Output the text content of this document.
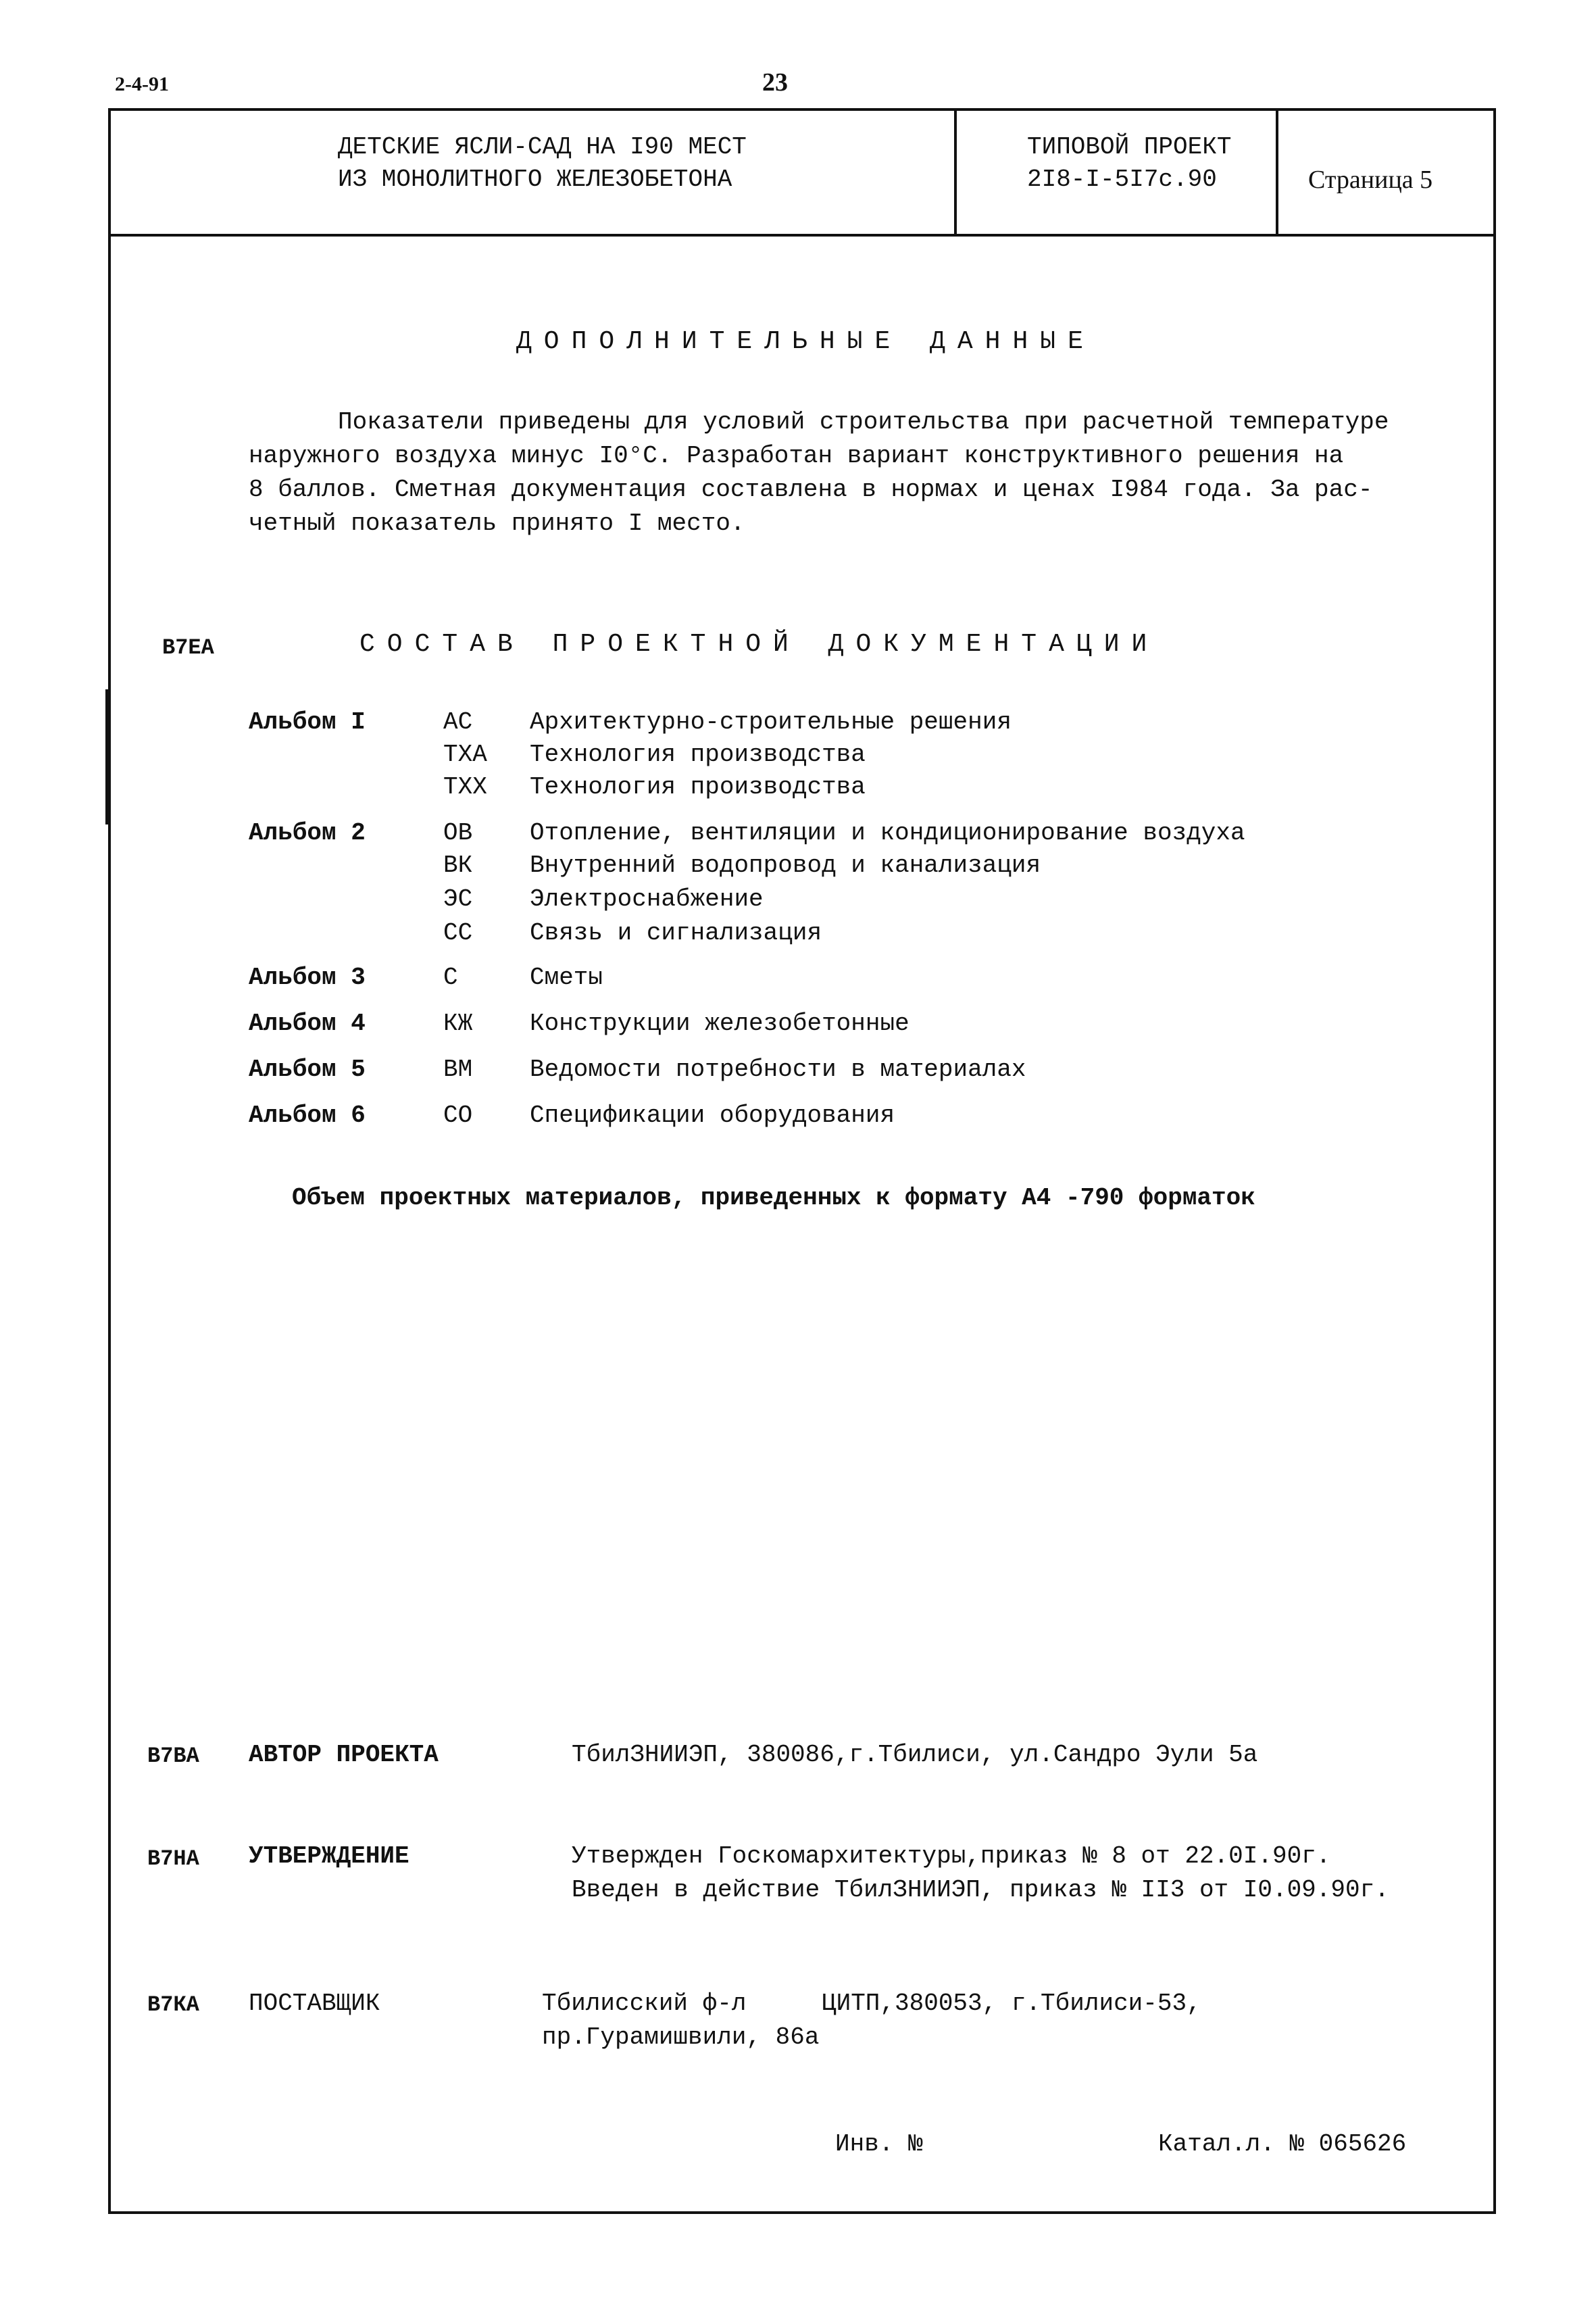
2-4-91	23
ДЕТСКИЕ ЯСЛИ-САД НА I90 МЕСТ
ИЗ МОНОЛИТНОГО ЖЕЛЕЗОБЕТОНА
ТИПОВОЙ ПРОЕКТ
2I8-I-5I7с.90	Страница 5
ДОПОЛНИТЕЛЬНЫЕ ДАННЫЕ
Показатели приведены для условий строительства при расчетной температуре
наружного воздуха минус I0°С. Разработан вариант конструктивного решения на
8 баллов. Сметная документация составлена в нормах и ценах I984 года. За рас-
четный показатель принято I место.
В7ЕА	СОСТАВ ПРОЕКТНОЙ ДОКУМЕНТАЦИИ
Альбом I	АС Архитектурно-строительные решения
ТХА Технология производства
ТХХ Технология производства
Альбом 2	ОВ Отопление, вентиляции и кондиционирование воздуха
ВК Внутренний водопровод и канализация
ЭС Электроснабжение
СС Связь и сигнализация
Альбом 3	С	Сметы
Альбом 4	КЖ Конструкции железобетонные
Альбом 5	ВМ Ведомости потребности в материалах
Альбом 6	СО Спецификации оборудования
Объем проектных материалов, приведенных к формату А4 -790 форматок
В7ВА АВТОР ПРОЕКТА	ТбилЗНИИЭП, 380086,г.Тбилиси, ул.Сандро Эули 5а
В7НА УТВЕРЖДЕНИЕ	Утвержден Госкомархитектуры,приказ № 8 от 22.0I.90г.
Введен в действие ТбилЗНИИЭП, приказ № II3 от I0.09.90г.
В7КА ПОСТАВЩИК	Тбилисский ф-л	ЦИТП,380053, г.Тбилиси-53,
пр.Гурамишвили, 86а
Инв. №	Катал.л. № 065626
